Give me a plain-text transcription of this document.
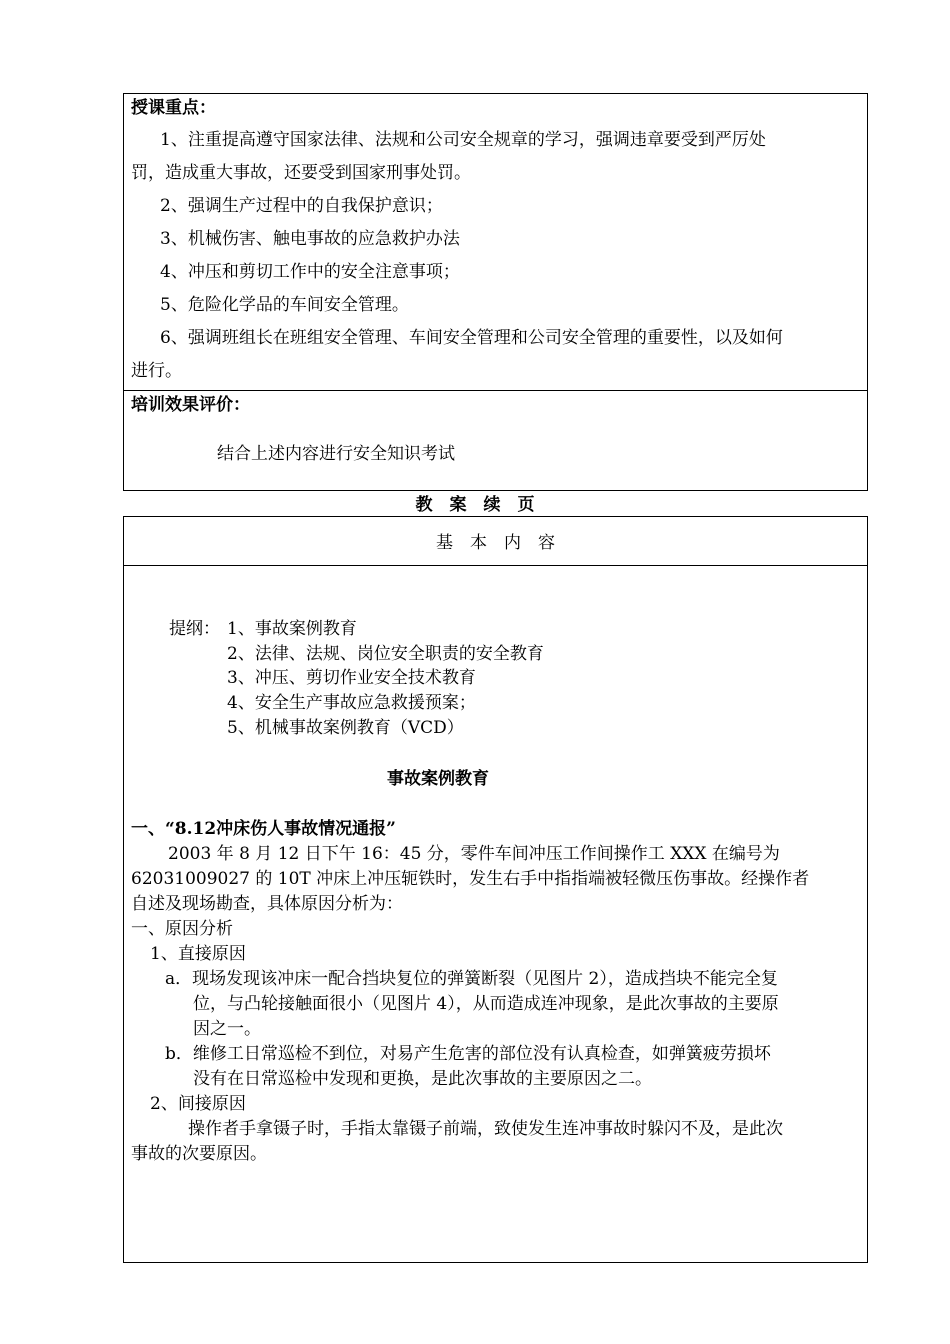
授课重点：
1、注重提高遵守国家法律、法规和公司安全规章的学习，强调违章要受到严厉处
罚，造成重大事故，还要受到国家刑事处罚。
2、强调生产过程中的自我保护意识；
3、机械伤害、触电事故的应急救护办法
4、冲压和剪切工作中的安全注意事项；
5、危险化学品的车间安全管理。
6、强调班组长在班组安全管理、车间安全管理和公司安全管理的重要性，以及如何
进行。
培训效果评价：
结合上述内容进行安全知识考试
教　案　续　页
基　本　内　容
提纲： 1、事故案例教育
2、法律、法规、岗位安全职责的安全教育
3、冲压、剪切作业安全技术教育
4、安全生产事故应急救援预案；
5、机械事故案例教育（VCD）
事故案例教育
一、“8.12冲床伤人事故情况通报”
2003 年 8 月 12 日下午 16：45 分，零件车间冲压工作间操作工 XXX 在编号为
62031009027 的 10T 冲床上冲压轭铁时，发生右手中指指端被轻微压伤事故。经操作者
自述及现场勘查，具体原因分析为：
一、原因分析
1、直接原因
a．现场发现该冲床一配合挡块复位的弹簧断裂（见图片 2），造成挡块不能完全复
位，与凸轮接触面很小（见图片 4），从而造成连冲现象，是此次事故的主要原
因之一。
b．维修工日常巡检不到位，对易产生危害的部位没有认真检查，如弹簧疲劳损坏
没有在日常巡检中发现和更换，是此次事故的主要原因之二。
2、间接原因
操作者手拿镊子时，手指太靠镊子前端，致使发生连冲事故时躲闪不及，是此次
事故的次要原因。
